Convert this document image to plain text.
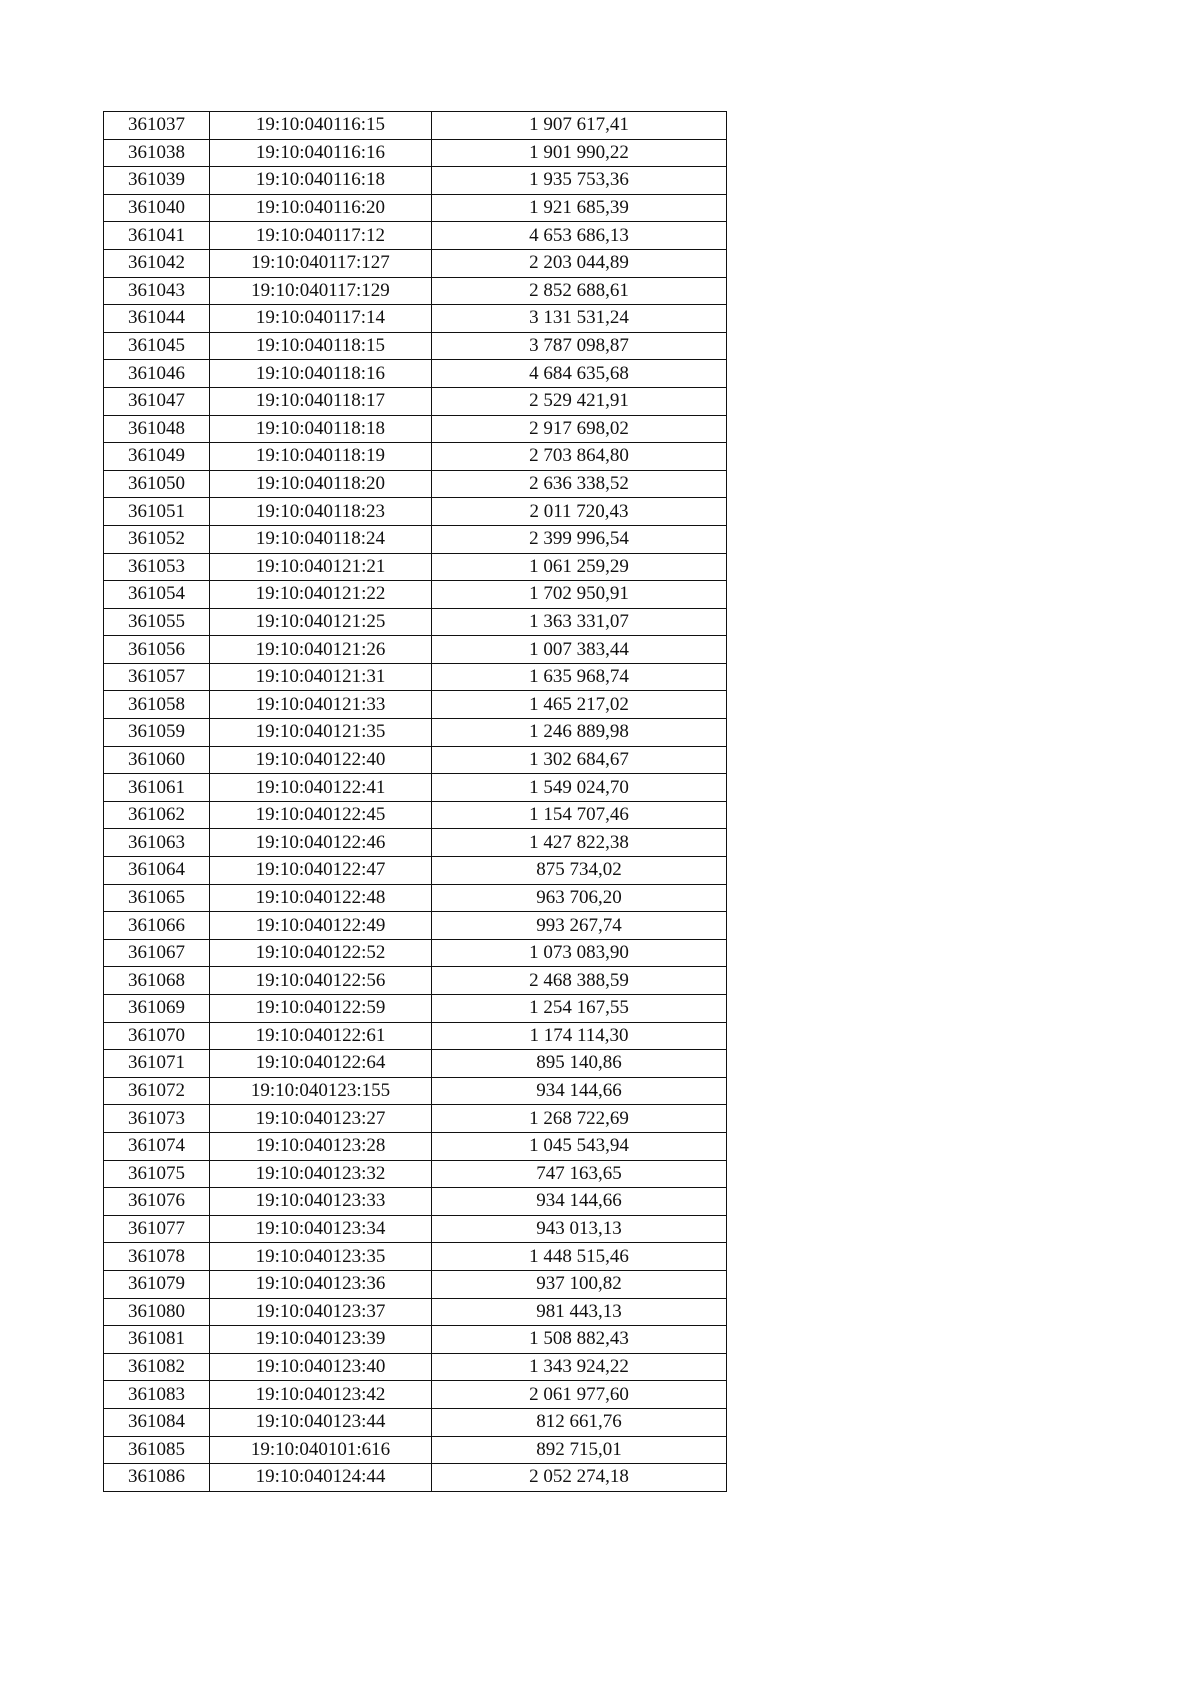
361037	19:10:040116:15	1 907 617,41
361038	19:10:040116:16	1 901 990,22
361039	19:10:040116:18	1 935 753,36
361040	19:10:040116:20	1 921 685,39
361041	19:10:040117:12	4 653 686,13
361042	19:10:040117:127	2 203 044,89
361043	19:10:040117:129	2 852 688,61
361044	19:10:040117:14	3 131 531,24
361045	19:10:040118:15	3 787 098,87
361046	19:10:040118:16	4 684 635,68
361047	19:10:040118:17	2 529 421,91
361048	19:10:040118:18	2 917 698,02
361049	19:10:040118:19	2 703 864,80
361050	19:10:040118:20	2 636 338,52
361051	19:10:040118:23	2 011 720,43
361052	19:10:040118:24	2 399 996,54
361053	19:10:040121:21	1 061 259,29
361054	19:10:040121:22	1 702 950,91
361055	19:10:040121:25	1 363 331,07
361056	19:10:040121:26	1 007 383,44
361057	19:10:040121:31	1 635 968,74
361058	19:10:040121:33	1 465 217,02
361059	19:10:040121:35	1 246 889,98
361060	19:10:040122:40	1 302 684,67
361061	19:10:040122:41	1 549 024,70
361062	19:10:040122:45	1 154 707,46
361063	19:10:040122:46	1 427 822,38
361064	19:10:040122:47	875 734,02
361065	19:10:040122:48	963 706,20
361066	19:10:040122:49	993 267,74
361067	19:10:040122:52	1 073 083,90
361068	19:10:040122:56	2 468 388,59
361069	19:10:040122:59	1 254 167,55
361070	19:10:040122:61	1 174 114,30
361071	19:10:040122:64	895 140,86
361072	19:10:040123:155	934 144,66
361073	19:10:040123:27	1 268 722,69
361074	19:10:040123:28	1 045 543,94
361075	19:10:040123:32	747 163,65
361076	19:10:040123:33	934 144,66
361077	19:10:040123:34	943 013,13
361078	19:10:040123:35	1 448 515,46
361079	19:10:040123:36	937 100,82
361080	19:10:040123:37	981 443,13
361081	19:10:040123:39	1 508 882,43
361082	19:10:040123:40	1 343 924,22
361083	19:10:040123:42	2 061 977,60
361084	19:10:040123:44	812 661,76
361085	19:10:040101:616	892 715,01
361086	19:10:040124:44	2 052 274,18
